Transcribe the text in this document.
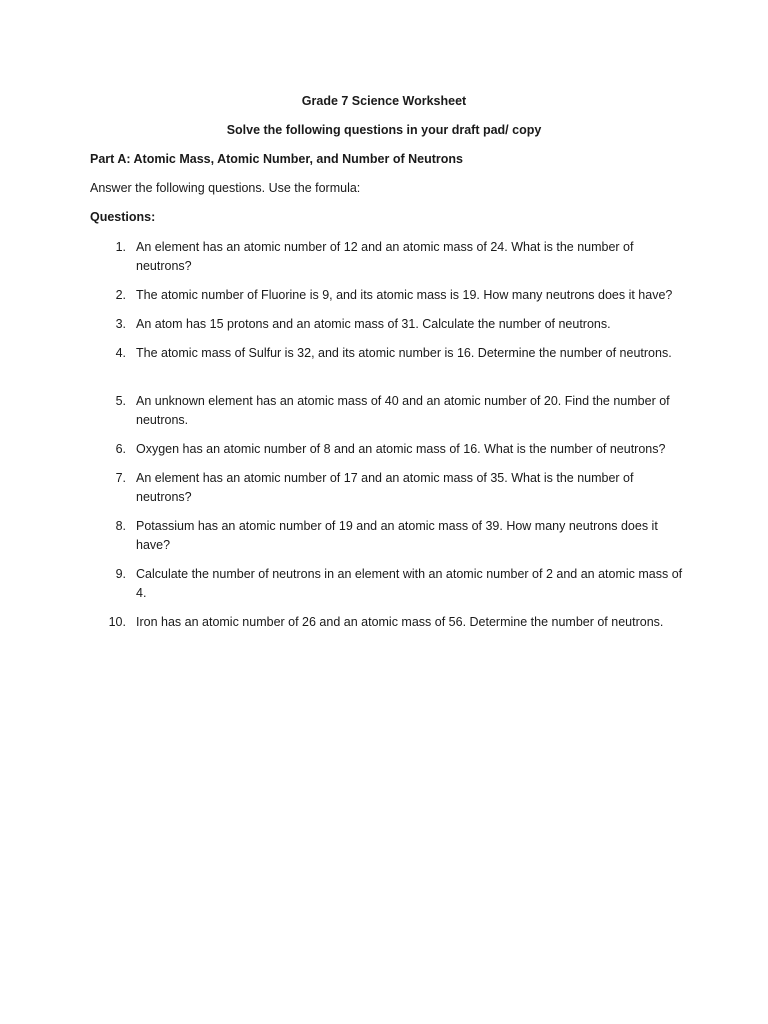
Grade 7 Science Worksheet

Solve the following questions in your draft pad/ copy

Part A: Atomic Mass, Atomic Number, and Number of Neutrons

Answer the following questions. Use the formula:

Questions:

1. An element has an atomic number of 12 and an atomic mass of 24. What is the number of neutrons?
2. The atomic number of Fluorine is 9, and its atomic mass is 19. How many neutrons does it have?
3. An atom has 15 protons and an atomic mass of 31. Calculate the number of neutrons.
4. The atomic mass of Sulfur is 32, and its atomic number is 16. Determine the number of neutrons.
5. An unknown element has an atomic mass of 40 and an atomic number of 20. Find the number of neutrons.
6. Oxygen has an atomic number of 8 and an atomic mass of 16. What is the number of neutrons?
7. An element has an atomic number of 17 and an atomic mass of 35. What is the number of neutrons?
8. Potassium has an atomic number of 19 and an atomic mass of 39. How many neutrons does it have?
9. Calculate the number of neutrons in an element with an atomic number of 2 and an atomic mass of 4.
10. Iron has an atomic number of 26 and an atomic mass of 56. Determine the number of neutrons.
